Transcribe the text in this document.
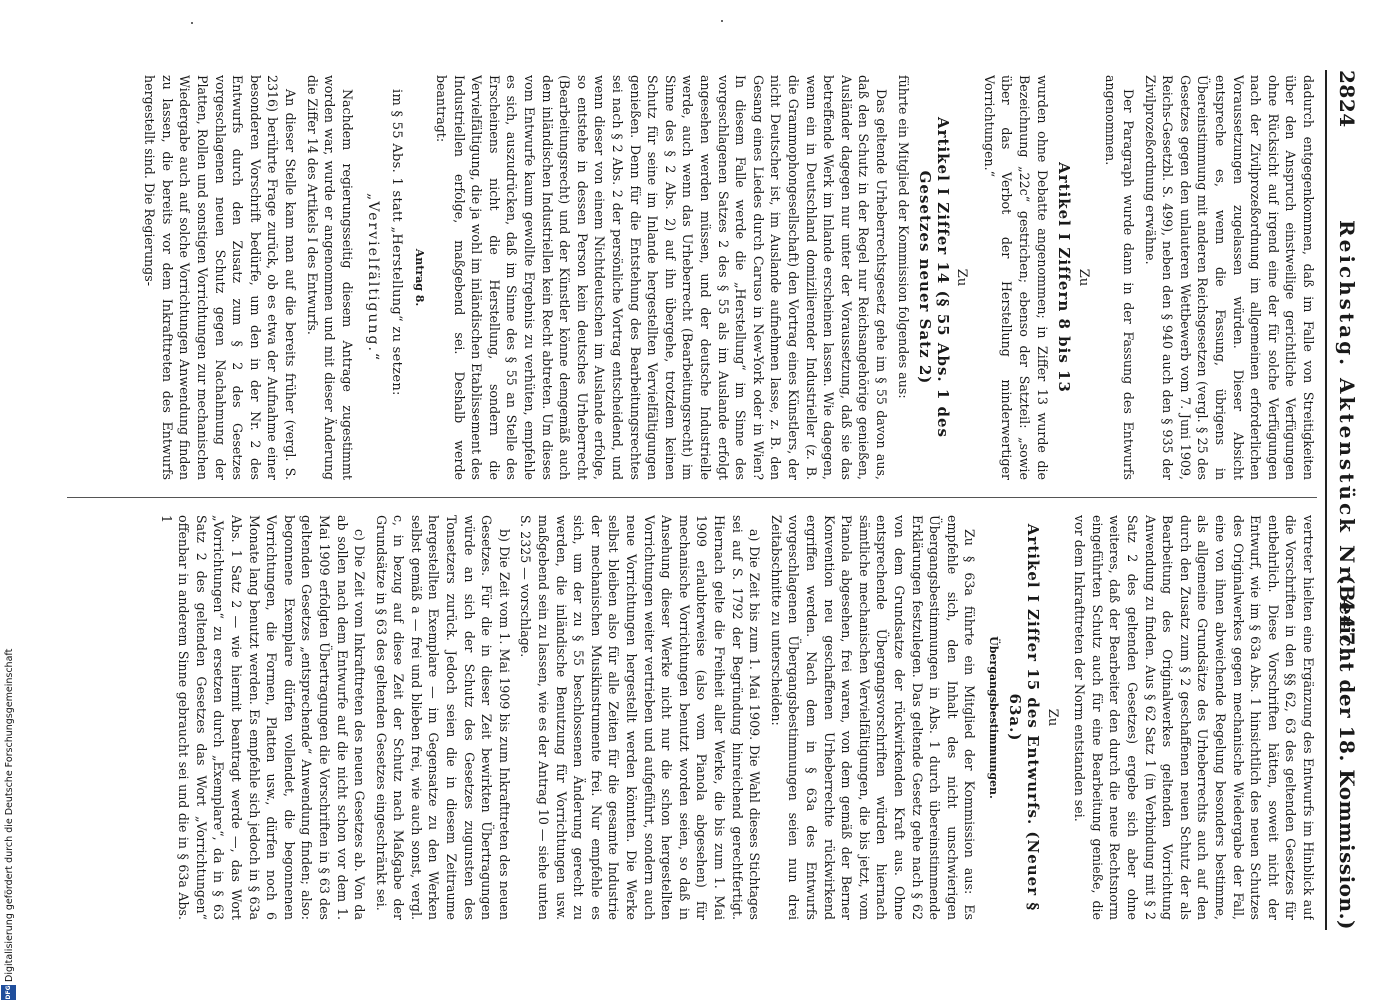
2824
Reichstag. Aktenstück Nr. 447.
(Bericht der 18. Kommission.)

dadurch entgegenkommen, daß im Falle von Streitigkeiten über den Anspruch einstweilige gerichtliche Verfügungen ohne Rücksicht auf irgend eine der für solche Verfügungen nach der Zivilprozeßordnung im allgemeinen erforderlichen Voraussetzungen zugelassen würden. Dieser Absicht entspreche es, wenn die Fassung, übrigens in Übereinstimmung mit anderen Reichsgesetzen (vergl. § 25 des Gesetzes gegen den unlauteren Wettbewerb vom 7. Juni 1909, Reichs-Gesetzbl. S. 499), neben den § 940 auch den § 935 der Zivilprozeßordnung erwähne.

Der Paragraph wurde dann in der Fassung des Entwurfs angenommen.

Zu
Artikel I Ziffern 8 bis 13

wurden ohne Debatte angenommen; in Ziffer 13 wurde die Bezeichnung „22c“ gestrichen; ebenso der Satzteil: „sowie über das Verbot der Herstellung minderwertiger Vorrichtungen.“

Zu
Artikel I Ziffer 14 (§ 55 Abs. 1 des Gesetzes neuer Satz 2)

führte ein Mitglied der Kommission folgendes aus:

Das geltende Urheberrechtsgesetz gehe im § 55 davon aus, daß den Schutz in der Regel nur Reichsangehörige genießen, Ausländer dagegen nur unter der Voraussetzung, daß sie das betreffende Werk im Inlande erscheinen lassen. Wie dagegen, wenn ein in Deutschland domizilierender Industrieller (z. B. die Grammophongesellschaft) den Vortrag eines Künstlers, der nicht Deutscher ist, im Auslande aufnehmen lasse, z. B. den Gesang eines Liedes durch Caruso in New-York oder in Wien? In diesem Falle werde die „Herstellung“ im Sinne des vorgeschlagenen Satzes 2 des § 55 als im Auslande erfolgt angesehen werden müssen, und der deutsche Industrielle werde, auch wenn das Urheberrecht (Bearbeitungsrecht) im Sinne des § 2 Abs. 2) auf ihn übergehe, trotzdem keinen Schutz für seine im Inlande hergestellten Vervielfältigungen genießen. Denn für die Entstehung des Bearbeitungsrechtes sei nach § 2 Abs. 2 der persönliche Vortrag entscheidend, und wenn dieser von einem Nichtdeutschen im Auslande erfolge, so entstehe in dessen Person kein deutsches Urheberrecht (Bearbeitungsrecht) und der Künstler könne demgemäß auch dem inländischen Industriellen kein Recht abtreten. Um dieses vom Entwurfe kaum gewollte Ergebnis zu verhüten, empfehle es sich, auszudrücken, daß im Sinne des § 55 an Stelle des Erscheinens nicht die Herstellung, sondern die Vervielfältigung, die ja wohl im inländischen Etablissement des Industriellen erfolge, maßgebend sei. Deshalb werde beantragt:

Antrag 8.

im § 55 Abs. 1 statt „Herstellung“ zu setzen:

„Vervielfältigung.“

Nachdem regierungsseitig diesem Antrage zugestimmt worden war, wurde er angenommen und mit dieser Änderung die Ziffer 14 des Artikels I des Entwurfs.

An dieser Stelle kam man auf die bereits früher (vergl. S. 2316) berührte Frage zurück, ob es etwa der Aufnahme einer besonderen Vorschrift bedürfe, um den in der Nr. 2 des Entwurfs durch den Zusatz zum § 2 des Gesetzes vorgeschlagenen neuen Schutz gegen Nachahmung der Platten, Rollen und sonstigen Vorrichtungen zur mechanischen Wiedergabe auch auf solche Vorrichtungen Anwendung finden zu lassen, die bereits vor dem Inkrafttreten des Entwurfs hergestellt sind. Die Regierungs-

vertreter hielten eine Ergänzung des Entwurfs im Hinblick auf die Vorschriften in den §§ 62, 63 des geltenden Gesetzes für entbehrlich. Diese Vorschriften hätten, soweit nicht der Entwurf, wie im § 63a Abs. 1 hinsichtlich des neuen Schutzes des Originalwerkes gegen mechanische Wiedergabe der Fall, eine von ihnen abweichende Regelung besonders bestimme, als allgemeine Grundsätze des Urheberrechts auch auf den durch den Zusatz zum § 2 geschaffenen neuen Schutz der als Bearbeitung des Originalwerkes geltenden Vorrichtung Anwendung zu finden. Aus § 62 Satz 1 (in Verbindung mit § 2 Satz 2 des geltenden Gesetzes) ergebe sich aber ohne weiteres, daß der Bearbeiter den durch die neue Rechtsnorm eingeführten Schutz auch für eine Bearbeitung genieße, die vor dem Inkrafttreten der Norm entstanden sei.

Zu
Artikel I Ziffer 15 des Entwurfs. (Neuer § 63a.)
Übergangsbestimmungen.

Zu § 63a führte ein Mitglied der Kommission aus: Es empfehle sich, den Inhalt des nicht unschwierigen Übergangsbestimmungen in Abs. 1 durch übereinstimmende Erklärungen festzulegen. Das geltende Gesetz gehe nach § 62 von dem Grundsatze der rückwirkenden Kraft aus. Ohne entsprechende Übergangsvorschriften würden hiernach sämtliche mechanischen Vervielfältigungen, die bis jetzt, vom Pianola abgesehen, frei waren, von dem gemäß der Berner Konvention neu geschaffenen Urheberrechte rückwirkend ergriffen werden. Nach dem in § 63a des Entwurfs vorgeschlagenen Übergangsbestimmungen seien nun drei Zeitabschnitte zu unterscheiden:

a) Die Zeit bis zum 1. Mai 1909. Die Wahl dieses Stichtages sei auf S. 1792 der Begründung hinreichend gerechtfertigt. Hiernach gelte die Freiheit aller Werke, die bis zum 1. Mai 1909 erlaubterweise (also vom Pianola abgesehen) für mechanische Vorrichtungen benutzt worden seien, so daß in Ansehung dieser Werke nicht nur die schon hergestellten Vorrichtungen weiter vertrieben und aufgeführt, sondern auch neue Vorrichtungen hergestellt werden könnten. Die Werke selbst bleiben also für alle Zeiten für die gesamte Industrie der mechanischen Musikinstrumente frei. Nur empfehle es sich, um der zu § 55 beschlossenen Änderung gerecht zu werden, die inländische Benutzung für Vorrichtungen usw. maßgebend sein zu lassen, wie es der Antrag 10 — siehe unten S. 2325 — vorschlage.

b) Die Zeit vom 1. Mai 1909 bis zum Inkrafttreten des neuen Gesetzes. Für die in dieser Zeit bewirkten Übertragungen würde an sich der Schutz des Gesetzes zugunsten des Tonsetzers zurück. Jedoch seien die in diesem Zeitraume hergestellten Exemplare — im Gegensatze zu den Werken selbst gemäß a — frei und blieben frei, wie auch sonst, vergl. c, in bezug auf diese Zeit der Schutz nach Maßgabe der Grundsätze in § 63 des geltenden Gesetzes eingeschränkt sei.

c) Die Zeit vom Inkrafttreten des neuen Gesetzes ab. Von da ab sollen nach dem Entwurfe auf die nicht schon vor dem 1. Mai 1909 erfolgten Übertragungen die Vorschriften in § 63 des geltenden Gesetzes „entsprechende“ Anwendung finden; also: begonnene Exemplare dürfen vollendet, die begonnenen Vorrichtungen, die Formen, Platten usw., dürfen noch 6 Monate lang benutzt werden. Es empfehle sich jedoch in § 63a Abs. 1 Satz 2 — wie hiermit beantragt werde —, das Wort „Vorrichtungen“ zu ersetzen durch „Exemplare“, da in § 63 Satz 2 des geltenden Gesetzes das Wort „Vorrichtungen“ offenbar in anderem Sinne gebraucht sei und die in § 63a Abs. 1

DFG
Digitalisierung gefördert durch die Deutsche Forschungsgemeinschaft
